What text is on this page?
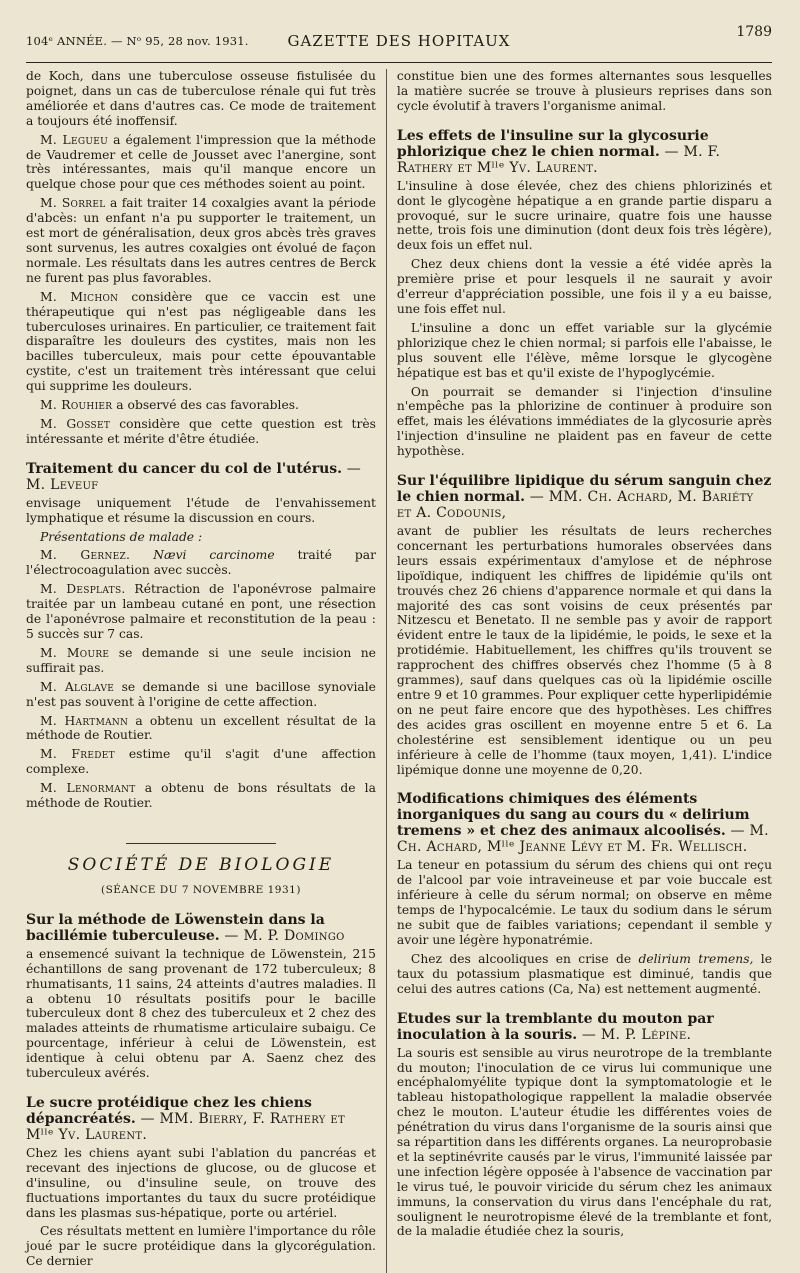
104ᵉ ANNÉE. — Nᵒ 95, 28 nov. 1931.	GAZETTE DES HOPITAUX	1789

de Koch, dans une tuberculose osseuse fistulisée du poignet, dans un cas de tuberculose rénale qui fut très améliorée et dans d'autres cas. Ce mode de traitement a toujours été inoffensif.

M. Legueu a également l'impression que la méthode de Vaudremer et celle de Jousset avec l'anergine, sont très intéressantes, mais qu'il manque encore un quelque chose pour que ces méthodes soient au point.

M. Sorrel a fait traiter 14 coxalgies avant la période d'abcès: un enfant n'a pu supporter le traitement, un est mort de généralisation, deux gros abcès très graves sont survenus, les autres coxalgies ont évolué de façon normale. Les résultats dans les autres centres de Berck ne furent pas plus favorables.

M. Michon considère que ce vaccin est une thérapeutique qui n'est pas négligeable dans les tuberculoses urinaires. En particulier, ce traitement fait disparaître les douleurs des cystites, mais non les bacilles tuberculeux, mais pour cette épouvantable cystite, c'est un traitement très intéressant que celui qui supprime les douleurs.

M. Rouhier a observé des cas favorables.

M. Gosset considère que cette question est très intéressante et mérite d'être étudiée.

Traitement du cancer du col de l'utérus. — M. Leveuf

envisage uniquement l'étude de l'envahissement lymphatique et résume la discussion en cours.

Présentations de malade :

M. Gernez. Nævi carcinome traité par l'électrocoagulation avec succès.

M. Desplats. Rétraction de l'aponévrose palmaire traitée par un lambeau cutané en pont, une résection de l'aponévrose palmaire et reconstitution de la peau : 5 succès sur 7 cas.

M. Moure se demande si une seule incision ne suffirait pas.

M. Alglave se demande si une bacillose synoviale n'est pas souvent à l'origine de cette affection.

M. Hartmann a obtenu un excellent résultat de la méthode de Routier.

M. Fredet estime qu'il s'agit d'une affection complexe.

M. Lenormant a obtenu de bons résultats de la méthode de Routier.

SOCIÉTÉ DE BIOLOGIE
(SÉANCE DU 7 NOVEMBRE 1931)
Sur la méthode de Löwenstein dans la bacillémie tuberculeuse. — M. P. Domingo

a ensemencé suivant la technique de Löwenstein, 215 échantillons de sang provenant de 172 tuberculeux; 8 rhumatisants, 11 sains, 24 atteints d'autres maladies. Il a obtenu 10 résultats positifs pour le bacille tuberculeux dont 8 chez des tuberculeux et 2 chez des malades atteints de rhumatisme articulaire subaigu. Ce pourcentage, inférieur à celui de Löwenstein, est identique à celui obtenu par A. Saenz chez des tuberculeux avérés.

Le sucre protéidique chez les chiens dépancréatés. — MM. Bierry, F. Rathery et Mˡˡᵉ Yv. Laurent.

Chez les chiens ayant subi l'ablation du pancréas et recevant des injections de glucose, ou de glucose et d'insuline, ou d'insuline seule, on trouve des fluctuations importantes du taux du sucre protéidique dans les plasmas sus-hépatique, porte ou artériel.

Ces résultats mettent en lumière l'importance du rôle joué par le sucre protéidique dans la glycorégulation. Ce dernier

constitue bien une des formes alternantes sous lesquelles la matière sucrée se trouve à plusieurs reprises dans son cycle évolutif à travers l'organisme animal.

Les effets de l'insuline sur la glycosurie phlorizique chez le chien normal. — M. F. Rathery et Mˡˡᵉ Yv. Laurent.

L'insuline à dose élevée, chez des chiens phlorizinés et dont le glycogène hépatique a en grande partie disparu a provoqué, sur le sucre urinaire, quatre fois une hausse nette, trois fois une diminution (dont deux fois très légère), deux fois un effet nul.

Chez deux chiens dont la vessie a été vidée après la première prise et pour lesquels il ne saurait y avoir d'erreur d'appréciation possible, une fois il y a eu baisse, une fois effet nul.

L'insuline a donc un effet variable sur la glycémie phlorizique chez le chien normal; si parfois elle l'abaisse, le plus souvent elle l'élève, même lorsque le glycogène hépatique est bas et qu'il existe de l'hypoglycémie.

On pourrait se demander si l'injection d'insuline n'empêche pas la phlorizine de continuer à produire son effet, mais les élévations immédiates de la glycosurie après l'injection d'insuline ne plaident pas en faveur de cette hypothèse.

Sur l'équilibre lipidique du sérum sanguin chez le chien normal. — MM. Ch. Achard, M. Bariéty et A. Codounis,

avant de publier les résultats de leurs recherches concernant les perturbations humorales observées dans leurs essais expérimentaux d'amylose et de néphrose lipoïdique, indiquent les chiffres de lipidémie qu'ils ont trouvés chez 26 chiens d'apparence normale et qui dans la majorité des cas sont voisins de ceux présentés par Nitzescu et Benetato. Il ne semble pas y avoir de rapport évident entre le taux de la lipidémie, le poids, le sexe et la protidémie. Habituellement, les chiffres qu'ils trouvent se rapprochent des chiffres observés chez l'homme (5 à 8 grammes), sauf dans quelques cas où la lipidémie oscille entre 9 et 10 grammes. Pour expliquer cette hyperlipidémie on ne peut faire encore que des hypothèses. Les chiffres des acides gras oscillent en moyenne entre 5 et 6. La cholestérine est sensiblement identique ou un peu inférieure à celle de l'homme (taux moyen, 1,41). L'indice lipémique donne une moyenne de 0,20.

Modifications chimiques des éléments inorganiques du sang au cours du « delirium tremens » et chez des animaux alcoolisés. — M. Ch. Achard, Mˡˡᵉ Jeanne Lévy et M. Fr. Wellisch.

La teneur en potassium du sérum des chiens qui ont reçu de l'alcool par voie intraveineuse et par voie buccale est inférieure à celle du sérum normal; on observe en même temps de l'hypocalcémie. Le taux du sodium dans le sérum ne subit que de faibles variations; cependant il semble y avoir une légère hyponatrémie.

Chez des alcooliques en crise de delirium tremens, le taux du potassium plasmatique est diminué, tandis que celui des autres cations (Ca, Na) est nettement augmenté.

Etudes sur la tremblante du mouton par inoculation à la souris. — M. P. Lépine.

La souris est sensible au virus neurotrope de la tremblante du mouton; l'inoculation de ce virus lui communique une encéphalomyélite typique dont la symptomatologie et le tableau histopathologique rappellent la maladie observée chez le mouton. L'auteur étudie les différentes voies de pénétration du virus dans l'organisme de la souris ainsi que sa répartition dans les différents organes. La neuroprobasie et la septinévrite causés par le virus, l'immunité laissée par une infection légère opposée à l'absence de vaccination par le virus tué, le pouvoir viricide du sérum chez les animaux immuns, la conservation du virus dans l'encéphale du rat, soulignent le neurotropisme élevé de la tremblante et font, de la maladie étudiée chez la souris,
